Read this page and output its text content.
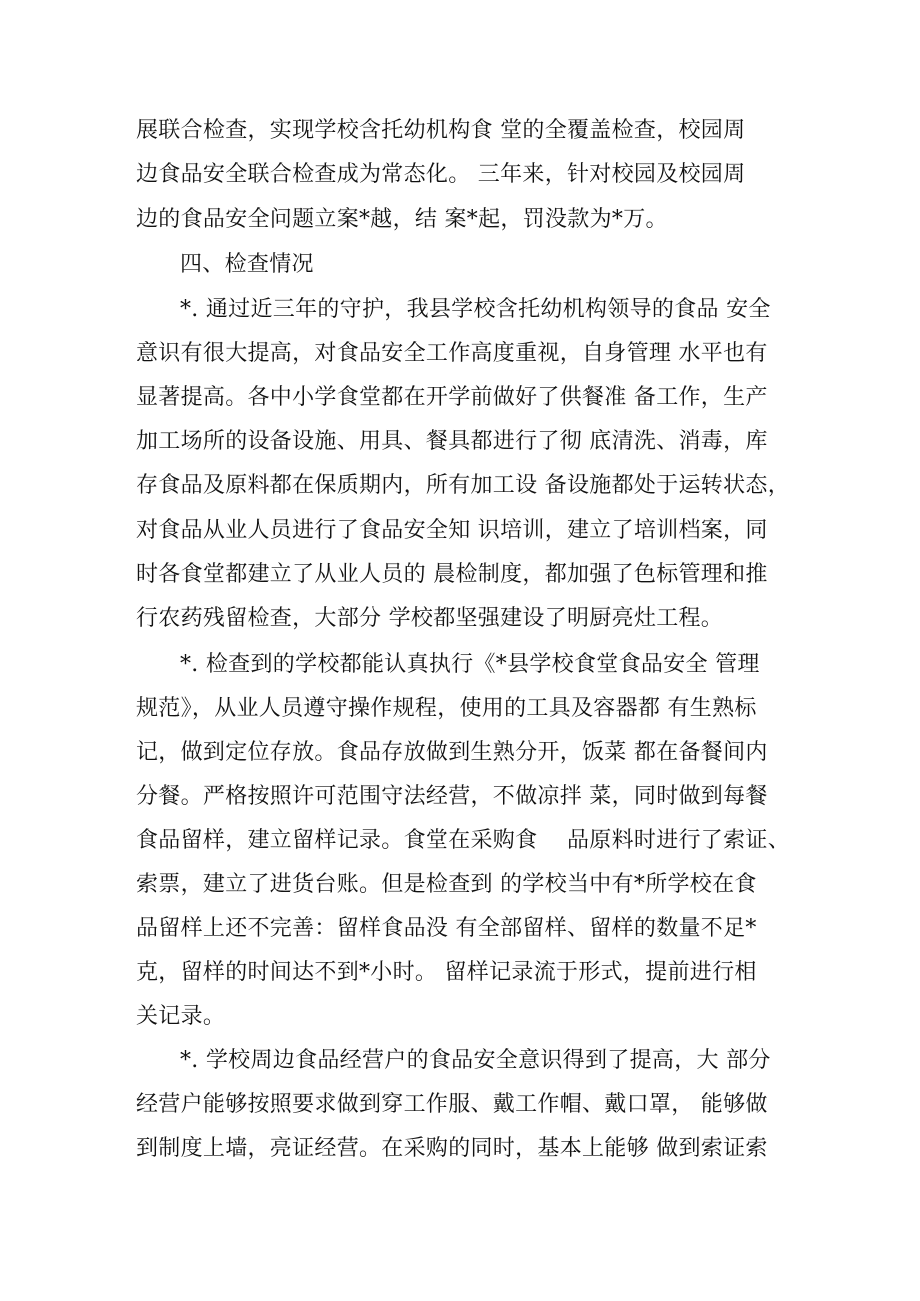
展联合检查，实现学校含托幼机构食 堂的全覆盖检查，校园周
边食品安全联合检查成为常态化。 三年来，针对校园及校园周
边的食品安全问题立案*越，结 案*起，罚没款为*万。
四、检查情况
*. 通过近三年的守护，我县学校含托幼机构领导的食品 安全
意识有很大提高，对食品安全工作高度重视，自身管理 水平也有
显著提高。各中小学食堂都在开学前做好了供餐准 备工作，生产
加工场所的设备设施、用具、餐具都进行了彻 底清洗、消毒，库
存食品及原料都在保质期内，所有加工设 备设施都处于运转状态，
对食品从业人员进行了食品安全知 识培训，建立了培训档案，同
时各食堂都建立了从业人员的 晨检制度，都加强了色标管理和推
行农药残留检查，大部分 学校都坚强建设了明厨亮灶工程。
*. 检查到的学校都能认真执行《*县学校食堂食品安全 管理
规范》，从业人员遵守操作规程，使用的工具及容器都 有生熟标
记，做到定位存放。食品存放做到生熟分开，饭菜 都在备餐间内
分餐。严格按照许可范围守法经营，不做凉拌 菜，同时做到每餐
食品留样，建立留样记录。食堂在采购食　 品原料时进行了索证、
索票，建立了进货台账。但是检查到 的学校当中有*所学校在食
品留样上还不完善：留样食品没 有全部留样、留样的数量不足*
克，留样的时间达不到*小时。 留样记录流于形式，提前进行相
关记录。
*. 学校周边食品经营户的食品安全意识得到了提高，大 部分
经营户能够按照要求做到穿工作服、戴工作帽、戴口罩， 能够做
到制度上墙，亮证经营。在采购的同时，基本上能够 做到索证索
